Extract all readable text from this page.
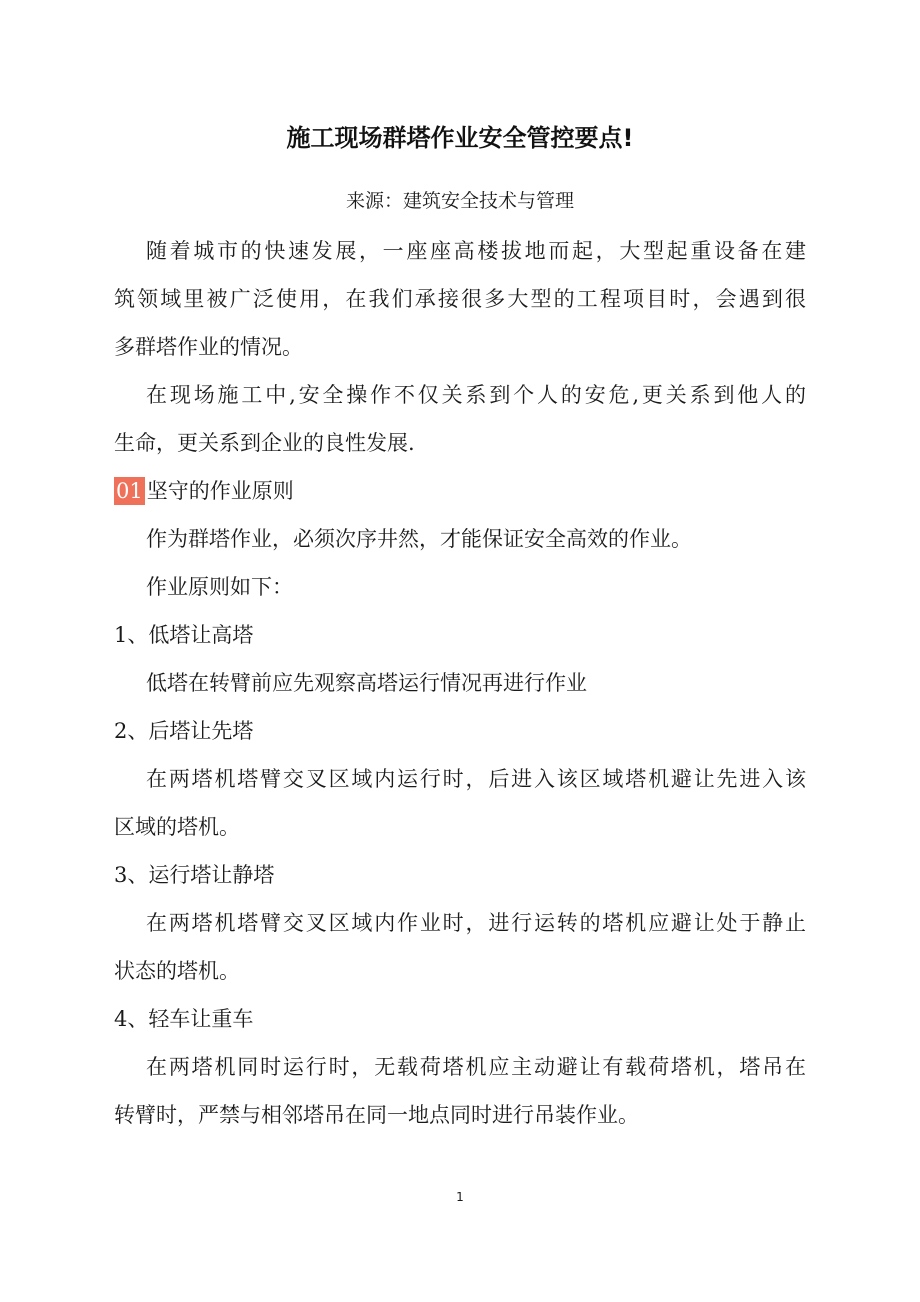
施工现场群塔作业安全管控要点!
来源：建筑安全技术与管理
随着城市的快速发展，一座座高楼拔地而起，大型起重设备在建
筑领域里被广泛使用，在我们承接很多大型的工程项目时，会遇到很
多群塔作业的情况。
在现场施工中,安全操作不仅关系到个人的安危,更关系到他人的
生命，更关系到企业的良性发展.
01 坚守的作业原则
作为群塔作业，必须次序井然，才能保证安全高效的作业。
作业原则如下：
1、低塔让高塔
低塔在转臂前应先观察高塔运行情况再进行作业
2、后塔让先塔
在两塔机塔臂交叉区域内运行时，后进入该区域塔机避让先进入该
区域的塔机。
3、运行塔让静塔
在两塔机塔臂交叉区域内作业时，进行运转的塔机应避让处于静止
状态的塔机。
4、轻车让重车
在两塔机同时运行时，无载荷塔机应主动避让有载荷塔机，塔吊在
转臂时，严禁与相邻塔吊在同一地点同时进行吊装作业。
1
